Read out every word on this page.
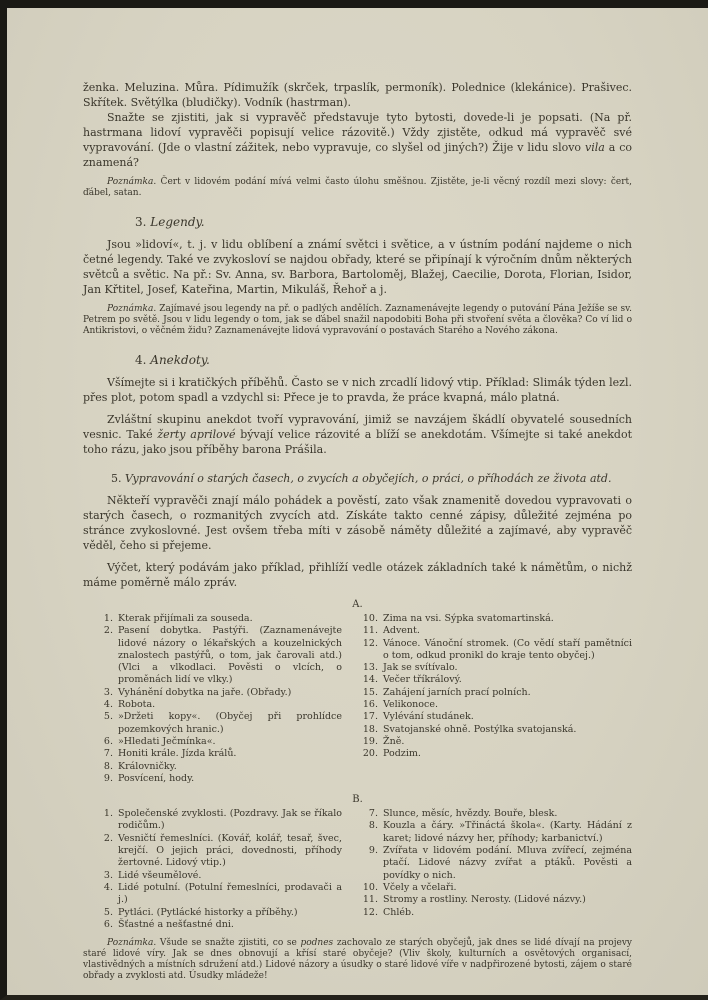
ženka. Meluzina. Můra. Pídimužík (skrček, trpaslík, permoník). Polednice (klekánice). Prašivec. Skřítek. Světýlka (bludičky). Vodník (hastrman).

Snažte se zjistiti, jak si vypravěč představuje tyto bytosti, dovede-li je popsati. (Na př. hastrmana lidoví vypravěči popisují velice rázovitě.) Vždy zjistěte, odkud má vypravěč své vypravování. (Jde o vlastní zážitek, nebo vypravuje, co slyšel od jiných?) Žije v lidu slovo vila a co znamená?

Poznámka. Čert v lidovém podání mívá velmi často úlohu směšnou. Zjistěte, je-li věcný rozdíl mezi slovy: čert, ďábel, satan.

3. Legendy.

Jsou »lidoví«, t. j. v lidu oblíbení a známí světci i světice, a v ústním podání najdeme o nich četné legendy. Také ve zvykosloví se najdou obřady, které se připínají k výročním dnům některých světců a světic. Na př.: Sv. Anna, sv. Barbora, Bartoloměj, Blažej, Caecilie, Dorota, Florian, Isidor, Jan Křtitel, Josef, Kateřina, Martin, Mikuláš, Řehoř a j.

Poznámka. Zajímavé jsou legendy na př. o padlých andělích. Zaznamenávejte legendy o putování Pána Ježíše se sv. Petrem po světě. Jsou v lidu legendy o tom, jak se ďábel snažil napodobiti Boha při stvoření světa a člověka? Co ví lid o Antikristovi, o věčném židu? Zaznamenávejte lidová vypravování o postavách Starého a Nového zákona.

4. Anekdoty.

Všímejte si i kratičkých příběhů. Často se v nich zrcadlí lidový vtip. Příklad: Slimák týden lezl. přes plot, potom spadl a vzdychl si: Přece je to pravda, že práce kvapná, málo platná.

Zvláštní skupinu anekdot tvoří vypravování, jimiž se navzájem škádlí obyvatelé sousedních vesnic. Také žerty aprilové bývají velice rázovité a blíží se anekdotám. Všímejte si také anekdot toho rázu, jako jsou příběhy barona Prášila.

5. Vypravování o starých časech, o zvycích a obyčejích, o práci, o příhodách ze života atd.

Někteří vypravěči znají málo pohádek a pověstí, zato však znamenitě dovedou vypravovati o starých časech, o rozmanitých zvycích atd. Získáte takto cenné zápisy, důležité zejména po stránce zvykoslovné. Jest ovšem třeba míti v zásobě náměty důležité a zajímavé, aby vypravěč věděl, čeho si přejeme.

Výčet, který podávám jako příklad, přihlíží vedle otázek základních také k námětům, o nichž máme poměrně málo zpráv.

A.
1. Kterak přijímali za souseda.
2. Pasení dobytka. Pastýři. (Zaznamenávejte lidové názory o lékařských a kouzelnických znalostech pastýřů, o tom, jak čarovali atd.) (Vlci a vlkodlaci. Pověsti o vlcích, o proměnách lidí ve vlky.)
3. Vyhánění dobytka na jaře. (Obřady.)
4. Robota.
5. »Držeti kopy«. (Obyčej při prohlídce pozemkových hranic.)
6. »Hledati Ječmínka«.
7. Honiti krále. Jízda králů.
8. Královničky.
9. Posvícení, hody.
10. Zima na vsi. Sýpka svatomartinská.
11. Advent.
12. Vánoce. Vánoční stromek. (Co vědí staří pamětníci o tom, odkud pronikl do kraje tento obyčej.)
13. Jak se svítívalo.
14. Večer tříkrálový.
15. Zahájení jarních prací polních.
16. Velikonoce.
17. Vylévání studánek.
18. Svatojanské ohně. Postýlka svatojanská.
19. Žně.
20. Podzim.
B.
1. Společenské zvyklosti. (Pozdravy. Jak se říkalo rodičům.)
2. Vesničtí řemeslníci. (Kovář, kolář, tesař, švec, krejčí. O jejich práci, dovednosti, příhody žertovné. Lidový vtip.)
3. Lidé všeumělové.
4. Lidé potulní. (Potulní řemeslníci, prodavači a j.)
5. Pytláci. (Pytlácké historky a příběhy.)
6. Šťastné a nešťastné dni.
7. Slunce, měsíc, hvězdy. Bouře, blesk.
8. Kouzla a čáry. »Třináctá škola«. (Karty. Hádání z karet; lidové názvy her, příhody; karbanictví.)
9. Zvířata v lidovém podání. Mluva zvířecí, zejména ptačí. Lidové názvy zvířat a ptáků. Pověsti a povídky o nich.
10. Včely a včelaři.
11. Stromy a rostliny. Nerosty. (Lidové názvy.)
12. Chléb.

Poznámka. Všude se snažte zjistiti, co se podnes zachovalo ze starých obyčejů, jak dnes se lidé dívají na projevy staré lidové víry. Jak se dnes obnovují a křísí staré obyčeje? (Vliv školy, kulturních a osvětových organisací, vlastivědných a místních sdružení atd.) Lidové názory a úsudky o staré lidové víře v nadpřirozené bytosti, zájem o staré obřady a zvyklosti atd. Úsudky mládeže!
